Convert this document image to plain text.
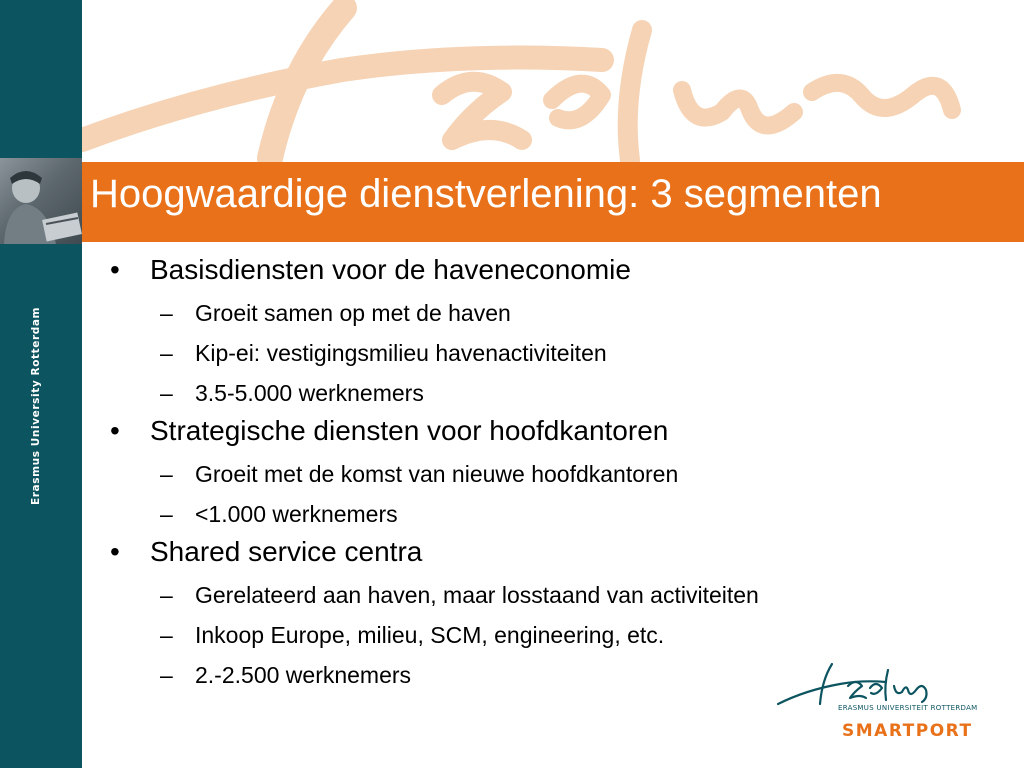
Erasmus University Rotterdam
Hoogwaardige dienstverlening: 3 segmenten
•	Basisdiensten voor de haveneconomie
– Groeit samen op met de haven
– Kip-ei: vestigingsmilieu havenactiviteiten
– 3.5-5.000 werknemers
•	Strategische diensten voor hoofdkantoren
– Groeit met de komst van nieuwe hoofdkantoren
– <1.000 werknemers
•	Shared service centra
– Gerelateerd aan haven, maar losstaand van activiteiten
– Inkoop Europe, milieu, SCM, engineering, etc.
– 2.-2.500 werknemers
ERASMUS UNIVERSITEIT ROTTERDAM
SMARTPORT
